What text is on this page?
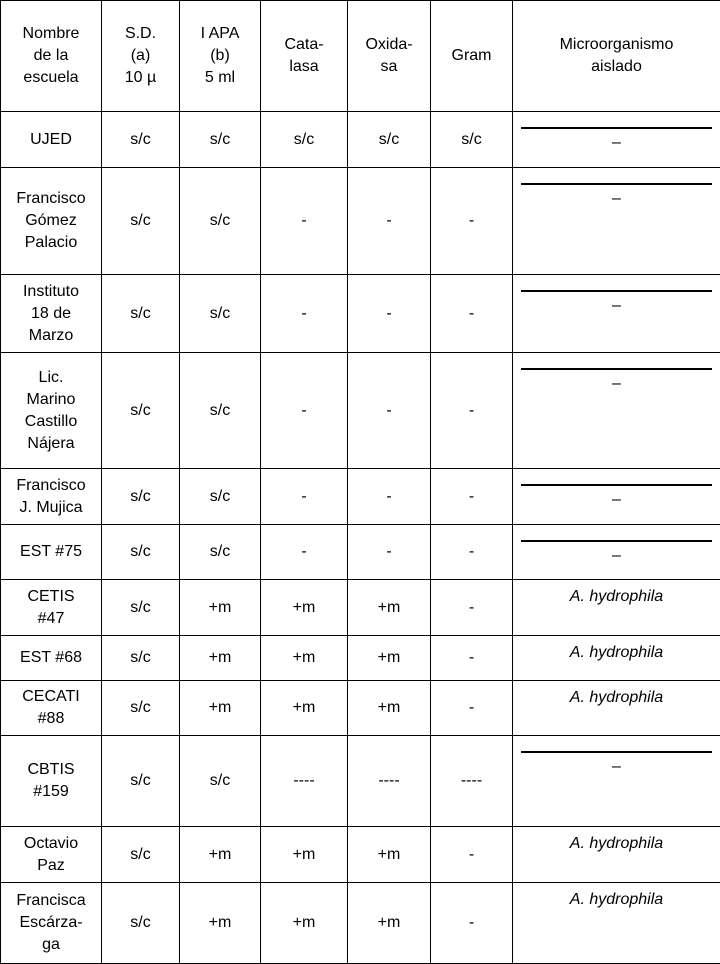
Nombre
de la
escuela	S.D.
(a)
10 µ	I APA
(b)
5 ml	Cata-
lasa	Oxida-
sa	Gram	Microorganismo
aislado

UJED	s/c	s/c	s/c	s/c	s/c	–

Francisco
Gómez
Palacio	s/c	s/c	-	-	-	–

Instituto
18 de
Marzo	s/c	s/c	-	-	-	–

Lic.
Marino
Castillo
Nájera	s/c	s/c	-	-	-	–

Francisco
J. Mujica	s/c	s/c	-	-	-	–

EST #75	s/c	s/c	-	-	-	–

CETIS
#47	s/c	+m	+m	+m	-	A. hydrophila

EST #68	s/c	+m	+m	+m	-	A. hydrophila

CECATI
#88	s/c	+m	+m	+m	-	A. hydrophila

CBTIS
#159	s/c	s/c	----	----	----	–

Octavio
Paz	s/c	+m	+m	+m	-	A. hydrophila

Francisca
Escárza-
ga	s/c	+m	+m	+m	-	A. hydrophila
